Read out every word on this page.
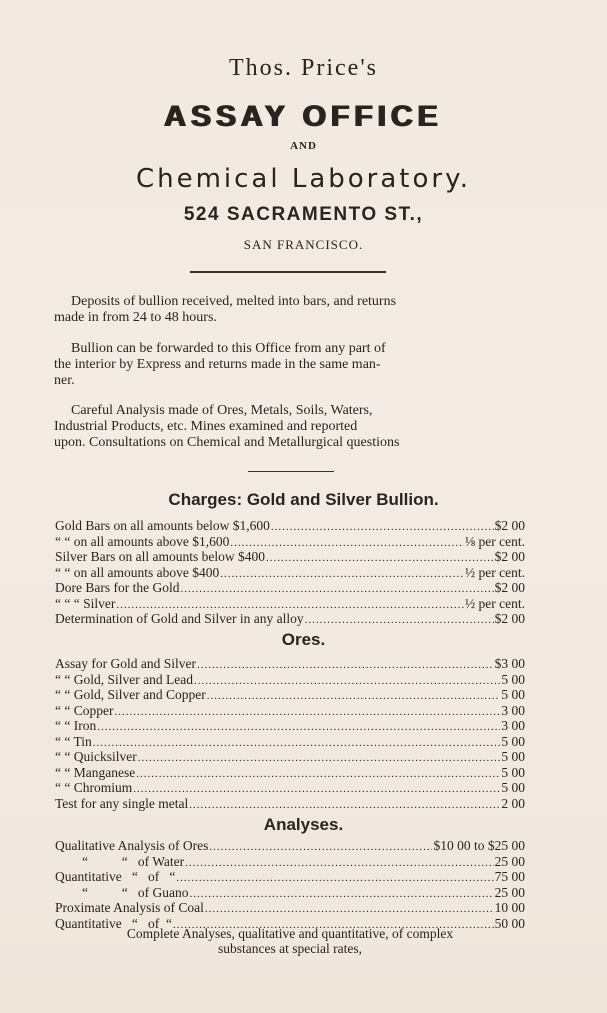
Thos. Price's
ASSAY OFFICE
AND
Chemical Laboratory.
524 SACRAMENTO ST.,
SAN FRANCISCO.
Deposits of bullion received, melted into bars, and returns
made in from 24 to 48 hours.
Bullion can be forwarded to this Office from any part of
the interior by Express and returns made in the same man-
ner.
Careful Analysis made of Ores, Metals, Soils, Waters,
Industrial Products, etc. Mines examined and reported
upon. Consultations on Chemical and Metallurgical questions
Charges: Gold and Silver Bullion.
Gold Bars on all amounts below $1,600 .....	$2 00
“ “ on all amounts above $1,600 .....	⅛ per cent.
Silver Bars on all amounts below $400 .....	$2 00
“ “ on all amounts above $400 .....	½ per cent.
Dore Bars for the Gold .....	$2 00
“ “ “ Silver .....	½ per cent.
Determination of Gold and Silver in any alloy .....	$2 00
Ores.
Assay for Gold and Silver .....	$3 00
“ “ Gold, Silver and Lead .....	5 00
“ “ Gold, Silver and Copper .....	5 00
“ “ Copper .....	3 00
“ “ Iron .....	3 00
“ “ Tin .....	5 00
“ “ Quicksilver .....	5 00
“ “ Manganese .....	5 00
“ “ Chromium .....	5 00
Test for any single metal .....	2 00
Analyses.
Qualitative Analysis of Ores .....	$10 00 to $25 00
“          “   of Water .....	25 00
Quantitative   “   of   “ .....	75 00
“          “   of Guano .....	25 00
Proximate Analysis of Coal .....	10 00
Quantitative   “   of  “ .....	50 00
Complete Analyses, qualitative and quantitative, of complex
substances at special rates,
